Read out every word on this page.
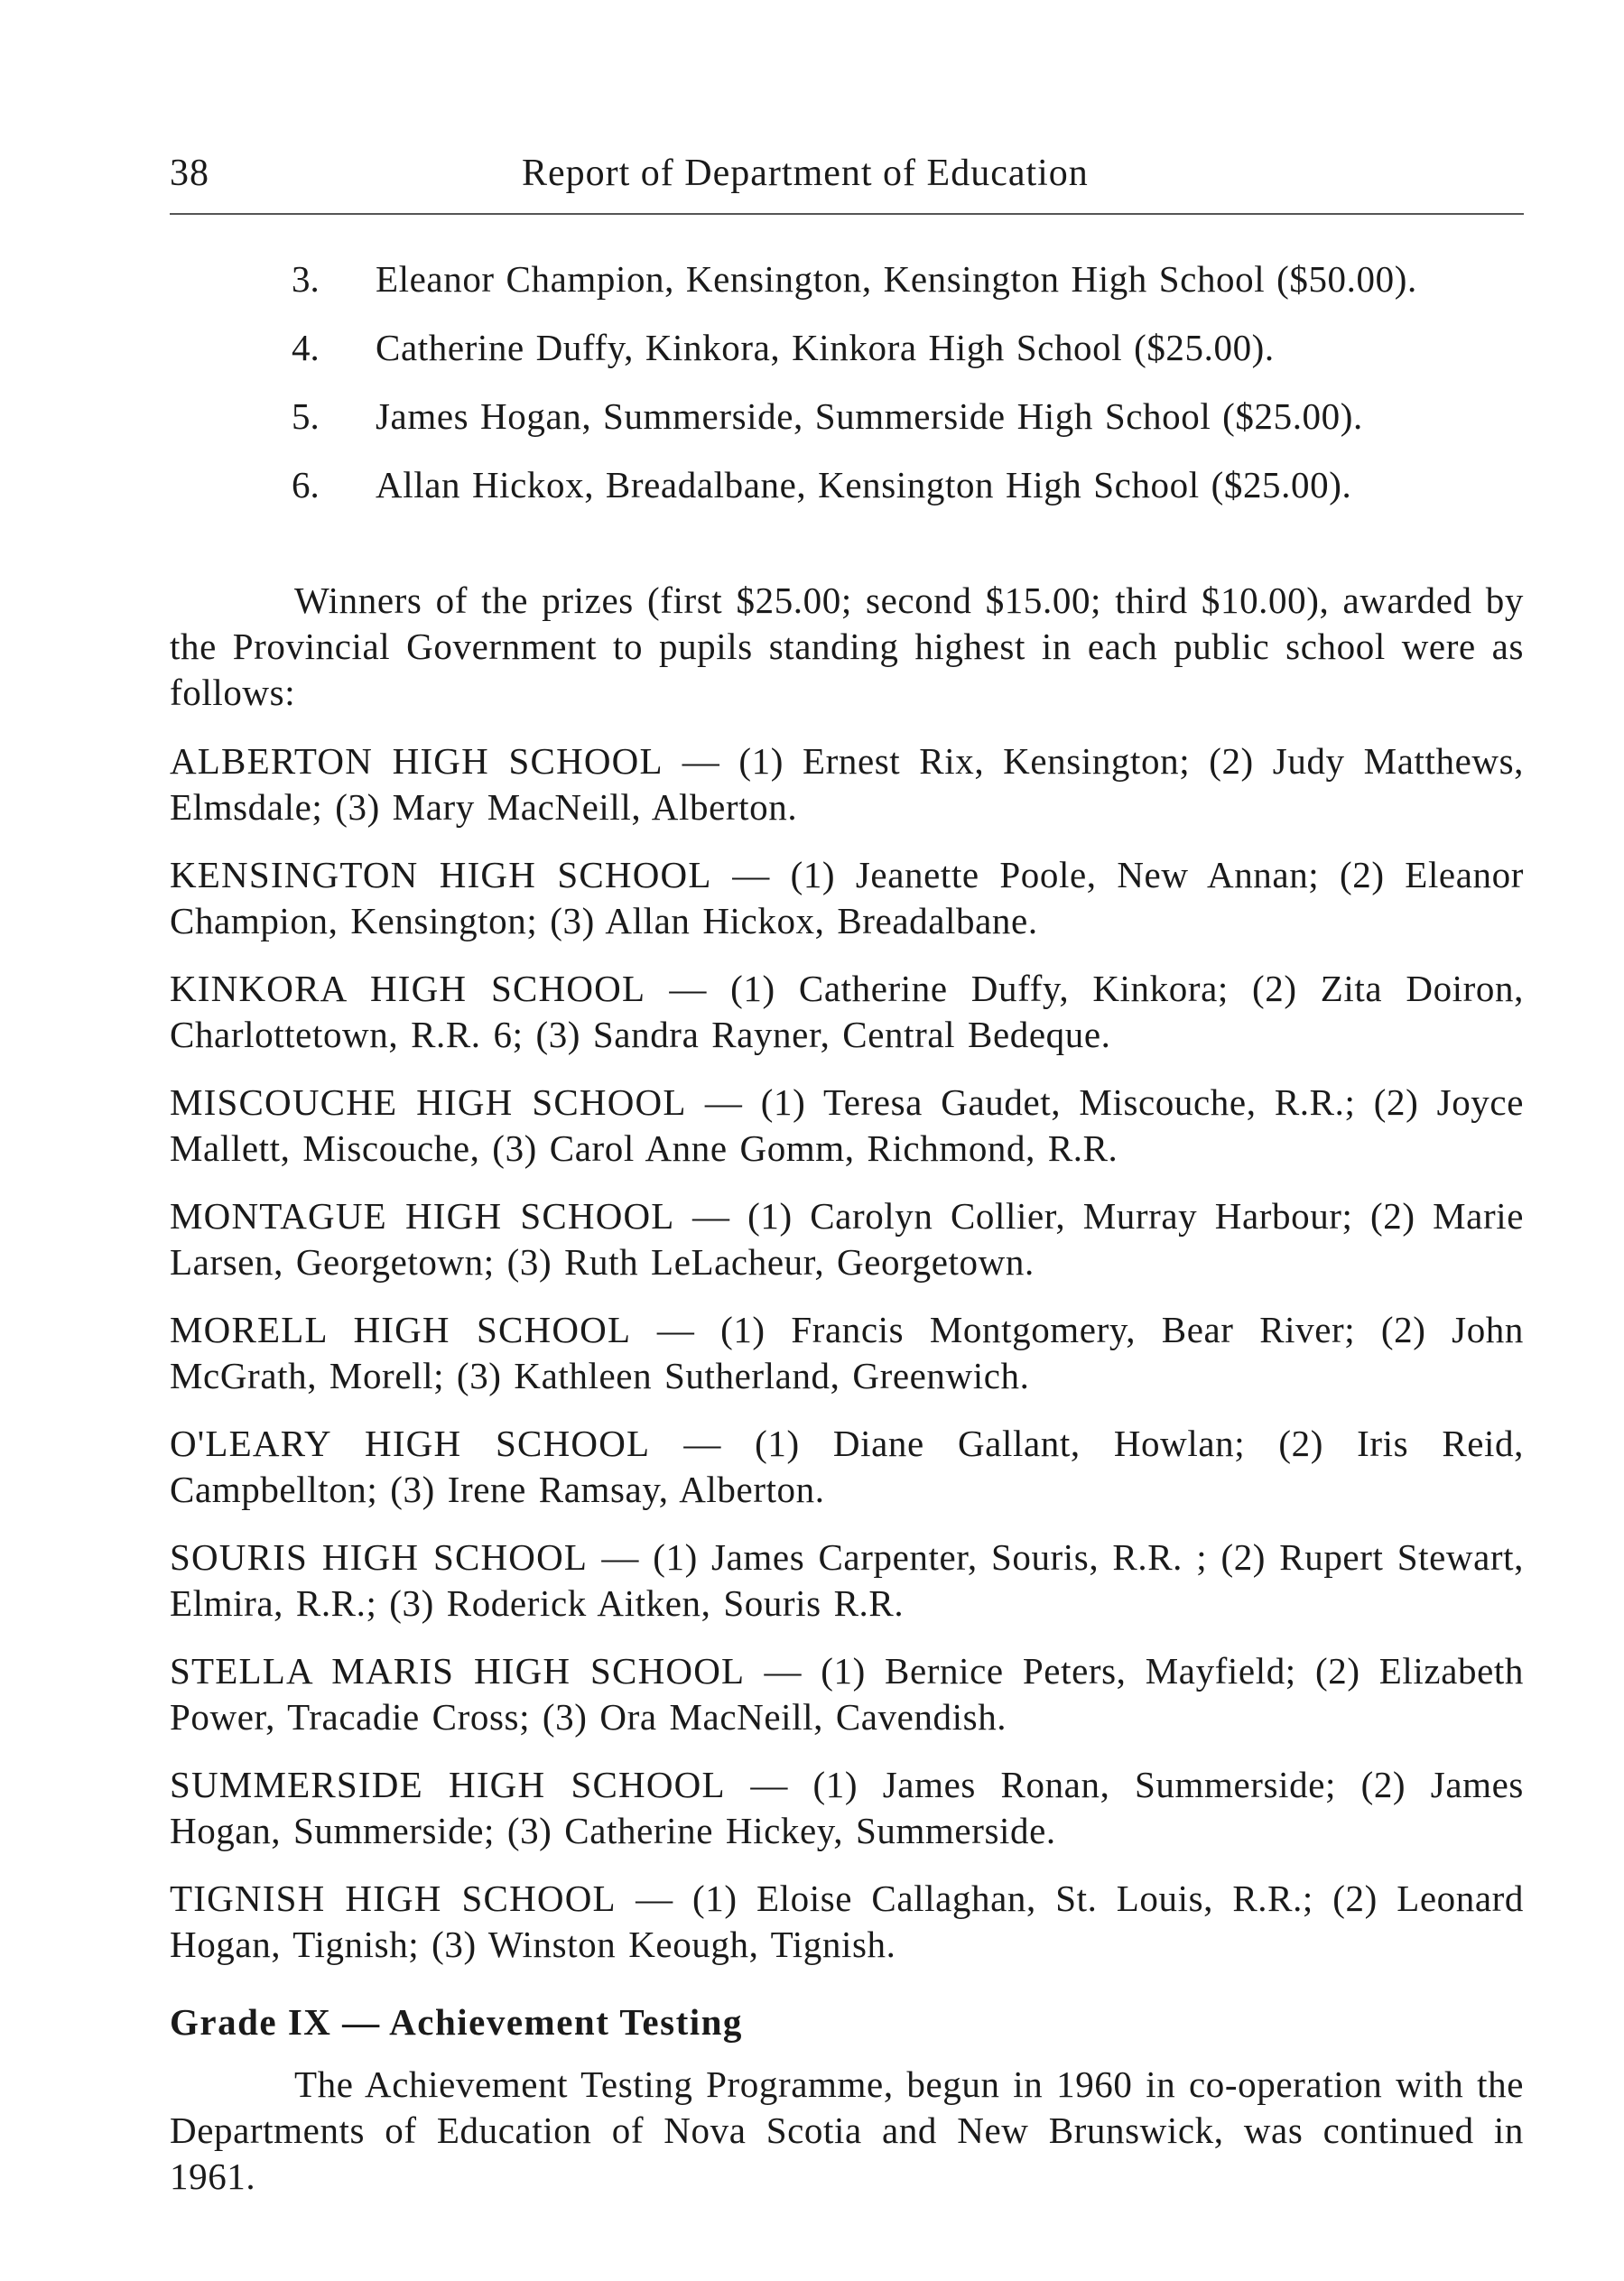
38	Report of Department of Education
3. Eleanor Champion, Kensington, Kensington High School ($50.00).
4. Catherine Duffy, Kinkora, Kinkora High School ($25.00).
5. James Hogan, Summerside, Summerside High School ($25.00).
6. Allan Hickox, Breadalbane, Kensington High School ($25.00).

Winners of the prizes (first $25.00; second $15.00; third $10.00), awarded by the Provincial Government to pupils standing highest in each public school were as follows:

ALBERTON HIGH SCHOOL — (1) Ernest Rix, Kensington; (2) Judy Matthews, Elmsdale; (3) Mary MacNeill, Alberton.
KENSINGTON HIGH SCHOOL — (1) Jeanette Poole, New Annan; (2) Eleanor Champion, Kensington; (3) Allan Hickox, Breadalbane.
KINKORA HIGH SCHOOL — (1) Catherine Duffy, Kinkora; (2) Zita Doiron, Charlottetown, R.R. 6; (3) Sandra Rayner, Central Bedeque.
MISCOUCHE HIGH SCHOOL — (1) Teresa Gaudet, Miscouche, R.R.; (2) Joyce Mallett, Miscouche, (3) Carol Anne Gomm, Richmond, R.R.
MONTAGUE HIGH SCHOOL — (1) Carolyn Collier, Murray Harbour; (2) Marie Larsen, Georgetown; (3) Ruth LeLacheur, Georgetown.
MORELL HIGH SCHOOL — (1) Francis Montgomery, Bear River; (2) John McGrath, Morell; (3) Kathleen Sutherland, Greenwich.
O'LEARY HIGH SCHOOL — (1) Diane Gallant, Howlan; (2) Iris Reid, Campbellton; (3) Irene Ramsay, Alberton.
SOURIS HIGH SCHOOL — (1) James Carpenter, Souris, R.R. ; (2) Rupert Stewart, Elmira, R.R.; (3) Roderick Aitken, Souris R.R.
STELLA MARIS HIGH SCHOOL — (1) Bernice Peters, Mayfield; (2) Elizabeth Power, Tracadie Cross; (3) Ora MacNeill, Cavendish.
SUMMERSIDE HIGH SCHOOL — (1) James Ronan, Summerside; (2) James Hogan, Summerside; (3) Catherine Hickey, Summerside.
TIGNISH HIGH SCHOOL — (1) Eloise Callaghan, St. Louis, R.R.; (2) Leonard Hogan, Tignish; (3) Winston Keough, Tignish.
Grade IX — Achievement Testing

The Achievement Testing Programme, begun in 1960 in co-operation with the Departments of Education of Nova Scotia and New Brunswick, was continued in 1961.
